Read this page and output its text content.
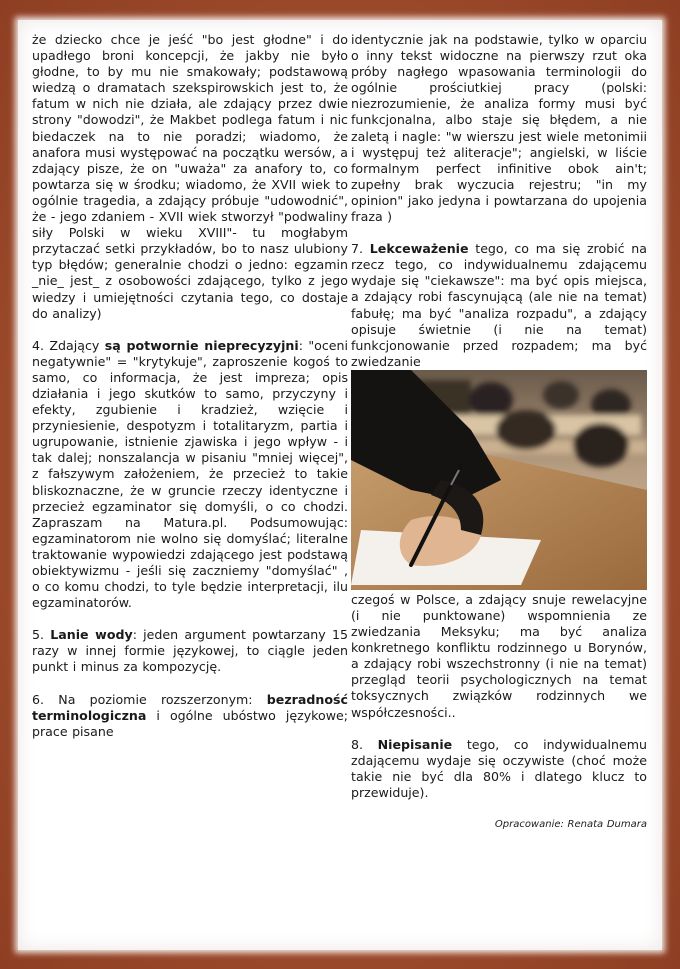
że dziecko chce je jeść "bo jest głodne" i do upadłego broni koncepcji, że jakby nie było głodne, to by mu nie smakowały; podstawową wiedzą o dramatach szekspirowskich jest to, że fatum w nich nie działa, ale zdający przez dwie strony "dowodzi", że Makbet podlega fatum i nic biedaczek na to nie poradzi; wiadomo, że anafora musi występować na początku wersów, a zdający pisze, że on "uważa" za anafory to, co powtarza się w środku; wiadomo, że XVII wiek to ogólnie tragedia, a zdający próbuje "udowodnić", że - jego zdaniem - XVII wiek stworzył "podwaliny siły Polski w wieku XVIII"- tu mogłabym przytaczać setki przykładów, bo to nasz ulubiony typ błędów; generalnie chodzi o jedno: egzamin _nie_ jest_ z osobowości zdającego, tylko z jego wiedzy i umiejętności czytania tego, co dostaje do analizy)

4. Zdający są potwornie nieprecyzyjni: "oceni negatywnie" = "krytykuje", zaproszenie kogoś to samo, co informacja, że jest impreza; opis działania i jego skutków to samo, przyczyny i efekty, zgubienie i kradzież, wzięcie i przyniesienie, despotyzm i totalitaryzm, partia i ugrupowanie, istnienie zjawiska i jego wpływ - i tak dalej; nonszalancja w pisaniu "mniej więcej", z fałszywym założeniem, że przecież to takie bliskoznaczne, że w gruncie rzeczy identyczne i przecież egzaminator się domyśli, o co chodzi. Zapraszam na Matura.pl. Podsumowując: egzaminatorom nie wolno się domyślać; literalne traktowanie wypowiedzi zdającego jest podstawą obiektywizmu - jeśli się zaczniemy "domyślać" , o co komu chodzi, to tyle będzie interpretacji, ilu egzaminatorów.

5. Lanie wody: jeden argument powtarzany 15 razy w innej formie językowej, to ciągle jeden punkt i minus za kompozycję.

6. Na poziomie rozszerzonym: bezradność terminologiczna i ogólne ubóstwo językowe; prace pisane

identycznie jak na podstawie, tylko w oparciu o inny tekst widoczne na pierwszy rzut oka próby nagłego wpasowania terminologii do ogólnie prościutkiej pracy (polski: niezrozumienie, że analiza formy musi być funkcjonalna, albo staje się błędem, a nie zaletą i nagle: "w wierszu jest wiele metonimii i występuj też aliteracje"; angielski, w liście formalnym perfect infinitive obok ain't; zupełny brak wyczucia rejestru; "in my opinion" jako jedyna i powtarzana do upojenia fraza )

7. Lekceważenie tego, co ma się zrobić na rzecz tego, co indywidualnemu zdającemu wydaje się "ciekawsze": ma być opis miejsca, a zdający robi fascynującą (ale nie na temat) fabułę; ma być "analiza rozpadu", a zdający opisuje świetnie (i nie na temat) funkcjonowanie przed rozpadem; ma być zwiedzanie

czegoś w Polsce, a zdający snuje rewelacyjne (i nie punktowane) wspomnienia ze zwiedzania Meksyku; ma być analiza konkretnego konfliktu rodzinnego u Borynów, a zdający robi wszechstronny (i nie na temat) przegląd teorii psychologicznych na temat toksycznych związków rodzinnych we współczesności..

8. Niepisanie tego, co indywidualnemu zdającemu wydaje się oczywiste (choć może takie nie być dla 80% i dlatego klucz to przewiduje).

Opracowanie: Renata Dumara
